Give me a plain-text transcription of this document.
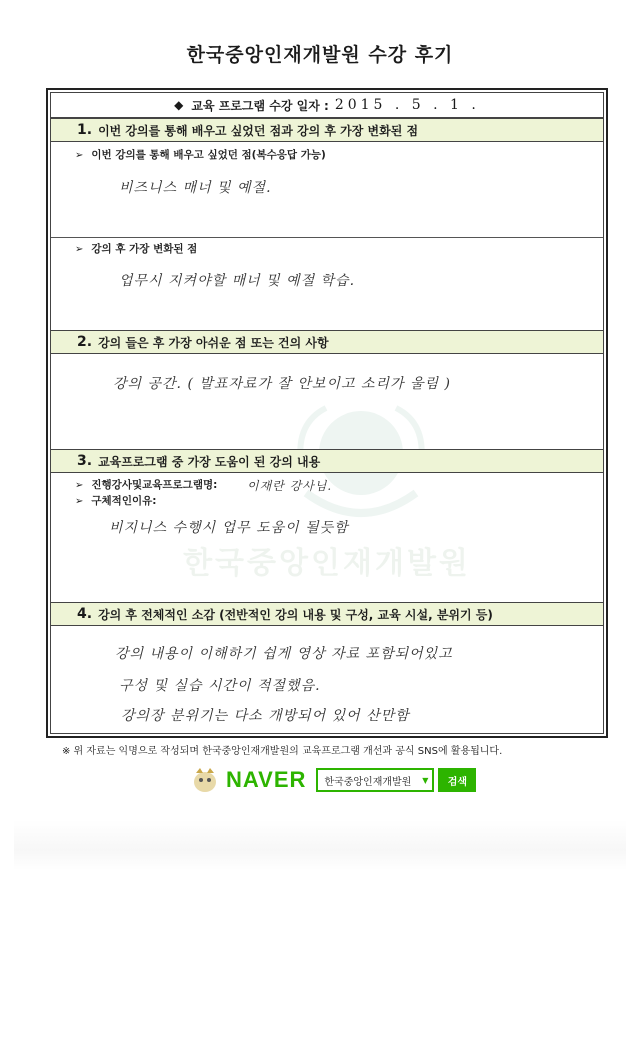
한국중앙인재개발원 수강 후기
한국중앙인재개발원
◆ 교육 프로그램 수강 일자 : 2015 . 5 . 1 .
1. 이번 강의를 통해 배우고 싶었던 점과 강의 후 가장 변화된 점
➢ 이번 강의를 통해 배우고 싶었던 점(복수응답 가능)
비즈니스 매너 및 예절.
➢ 강의 후 가장 변화된 점
업무시 지켜야할 매너 및 예절 학습.
2. 강의 들은 후 가장 아쉬운 점 또는 건의 사항
강의 공간. ( 발표자료가 잘 안보이고 소리가 울림 )
3. 교육프로그램 중 가장 도움이 된 강의 내용
➢ 진행강사및교육프로그램명: 이재란 강사님.
➢ 구체적인이유:
비지니스 수행시 업무 도움이 될듯함
4. 강의 후 전체적인 소감 (전반적인 강의 내용 및 구성, 교육 시설, 분위기 등)
강의 내용이 이해하기 쉽게 영상 자료 포함되어있고
구성 및 실습 시간이 적절했음.
강의장 분위기는 다소 개방되어 있어 산만함
※ 위 자료는 익명으로 작성되며 한국중앙인재개발원의 교육프로그램 개선과 공식 SNS에 활용됩니다.
NAVER 한국중앙인재개발원 ▼	검색
